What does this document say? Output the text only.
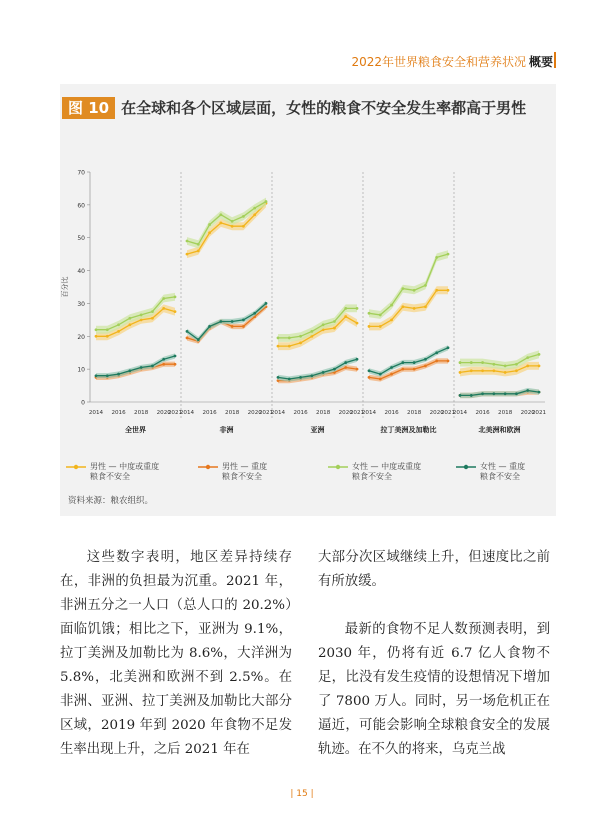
2022年世界粮食安全和营养状况 概要
图 10 在全球和各个区域层面，女性的粮食不安全发生率都高于男性
0
10
20
30
40
50
60
70
百分比
2014 2016 2018 2020
2021
全世界
2014 2016 2018 2020
2021
非洲
2014 2016 2018 2020
2021
亚洲
2014 2016 2018 2020
2021
拉丁美洲及加勒比
2014 2016 2018 2020
2021
北美洲和欧洲
男性 — 中度或重度
粮食不安全
男性 — 重度
粮食不安全
女性 — 中度或重度
粮食不安全
女性 — 重度
粮食不安全
资料来源：粮农组织。

这些数字表明，地区差异持续存在，非洲的负担最为沉重。2021 年，非洲五分之一人口（总人口的 20.2%）面临饥饿；相比之下，亚洲为 9.1%，拉丁美洲及加勒比为 8.6%，大洋洲为 5.8%，北美洲和欧洲不到 2.5%。在非洲、亚洲、拉丁美洲及加勒比大部分区域，2019 年到 2020 年食物不足发生率出现上升，之后 2021 年在

大部分次区域继续上升，但速度比之前有所放缓。

最新的食物不足人数预测表明，到 2030 年，仍将有近 6.7 亿人食物不足，比没有发生疫情的设想情况下增加了 7800 万人。同时，另一场危机正在逼近，可能会影响全球粮食安全的发展轨迹。在不久的将来，乌克兰战

| 15 |
